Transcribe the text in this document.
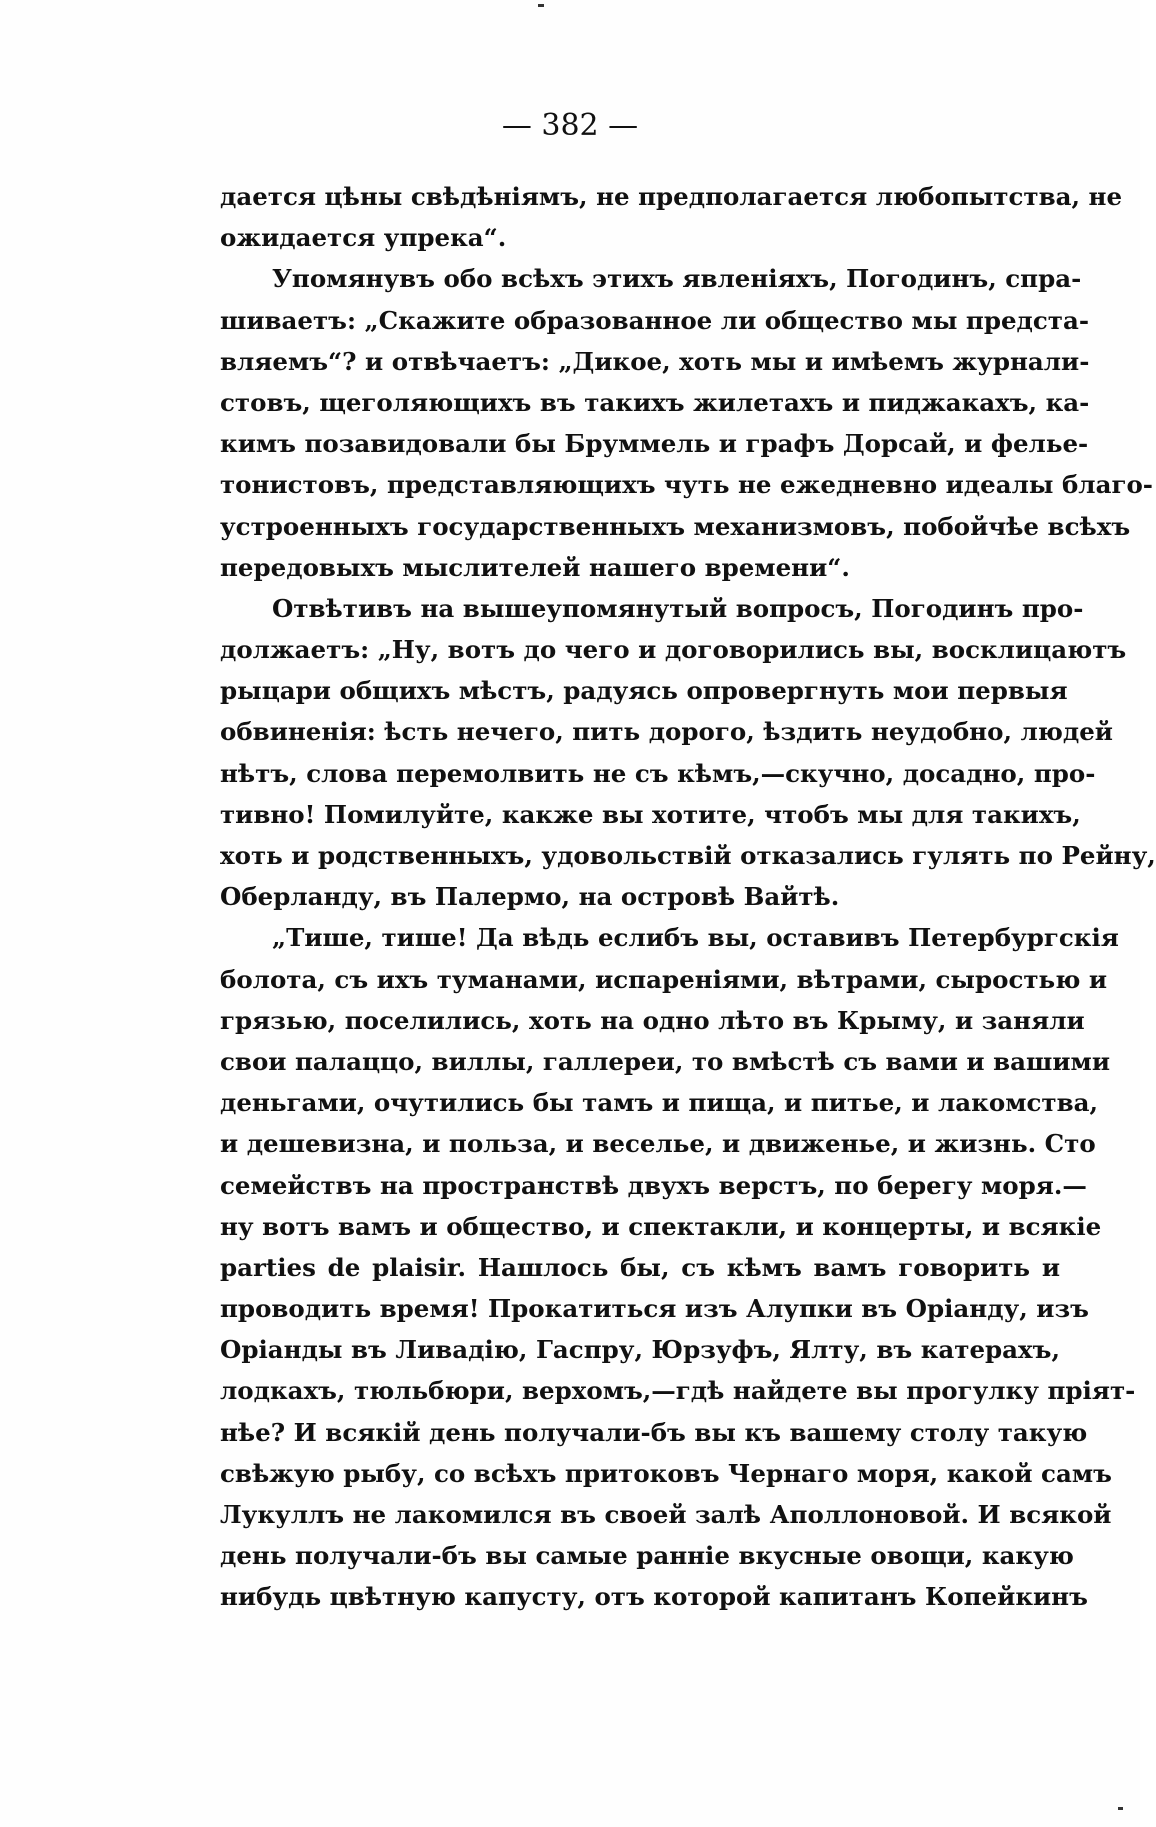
— 382 —
дается цѣны свѣдѣніямъ, не предполагается любопытства, не
ожидается упрека“.
Упомянувъ обо всѣхъ этихъ явленіяхъ, Погодинъ, спра-
шиваетъ: „Скажите образованное ли общество мы предста-
вляемъ“? и отвѣчаетъ: „Дикое, хоть мы и имѣемъ журнали-
стовъ, щеголяющихъ въ такихъ жилетахъ и пиджакахъ, ка-
кимъ позавидовали бы Бруммель и графъ Дорсай, и фелье-
тонистовъ, представляющихъ чуть не ежедневно идеалы благо-
устроенныхъ государственныхъ механизмовъ, побойчѣе всѣхъ
передовыхъ мыслителей нашего времени“.
Отвѣтивъ на вышеупомянутый вопросъ, Погодинъ про-
должаетъ: „Ну, вотъ до чего и договорились вы, восклицаютъ
рыцари общихъ мѣстъ, радуясь опровергнуть мои первыя
обвиненія: ѣсть нечего, пить дорого, ѣздить неудобно, людей
нѣтъ, слова перемолвить не съ кѣмъ,—скучно, досадно, про-
тивно! Помилуйте, какже вы хотите, чтобъ мы для такихъ,
хоть и родственныхъ, удовольствій отказались гулять по Рейну,
Оберланду, въ Палермо, на островѣ Вайтѣ.
„Тише, тише! Да вѣдь еслибъ вы, оставивъ Петербургскія
болота, съ ихъ туманами, испареніями, вѣтрами, сыростью и
грязью, поселились, хоть на одно лѣто въ Крыму, и заняли
свои палаццо, виллы, галлереи, то вмѣстѣ съ вами и вашими
деньгами, очутились бы тамъ и пища, и питье, и лакомства,
и дешевизна, и польза, и веселье, и движенье, и жизнь. Сто
семействъ на пространствѣ двухъ верстъ, по берегу моря.—
ну вотъ вамъ и общество, и спектакли, и концерты, и всякіе
parties de plaisir. Нашлось бы, съ кѣмъ вамъ говорить и
проводить время! Прокатиться изъ Алупки въ Оріанду, изъ
Оріанды въ Ливадію, Гаспру, Юрзуфъ, Ялту, въ катерахъ,
лодкахъ, тюльбюри, верхомъ,—гдѣ найдете вы прогулку пріят-
нѣе? И всякій день получали-бъ вы къ вашему столу такую
свѣжую рыбу, со всѣхъ притоковъ Чернаго моря, какой самъ
Лукуллъ не лакомился въ своей залѣ Аполлоновой. И всякой
день получали-бъ вы самые ранніе вкусные овощи, какую
нибудь цвѣтную капусту, отъ которой капитанъ Копейкинъ
